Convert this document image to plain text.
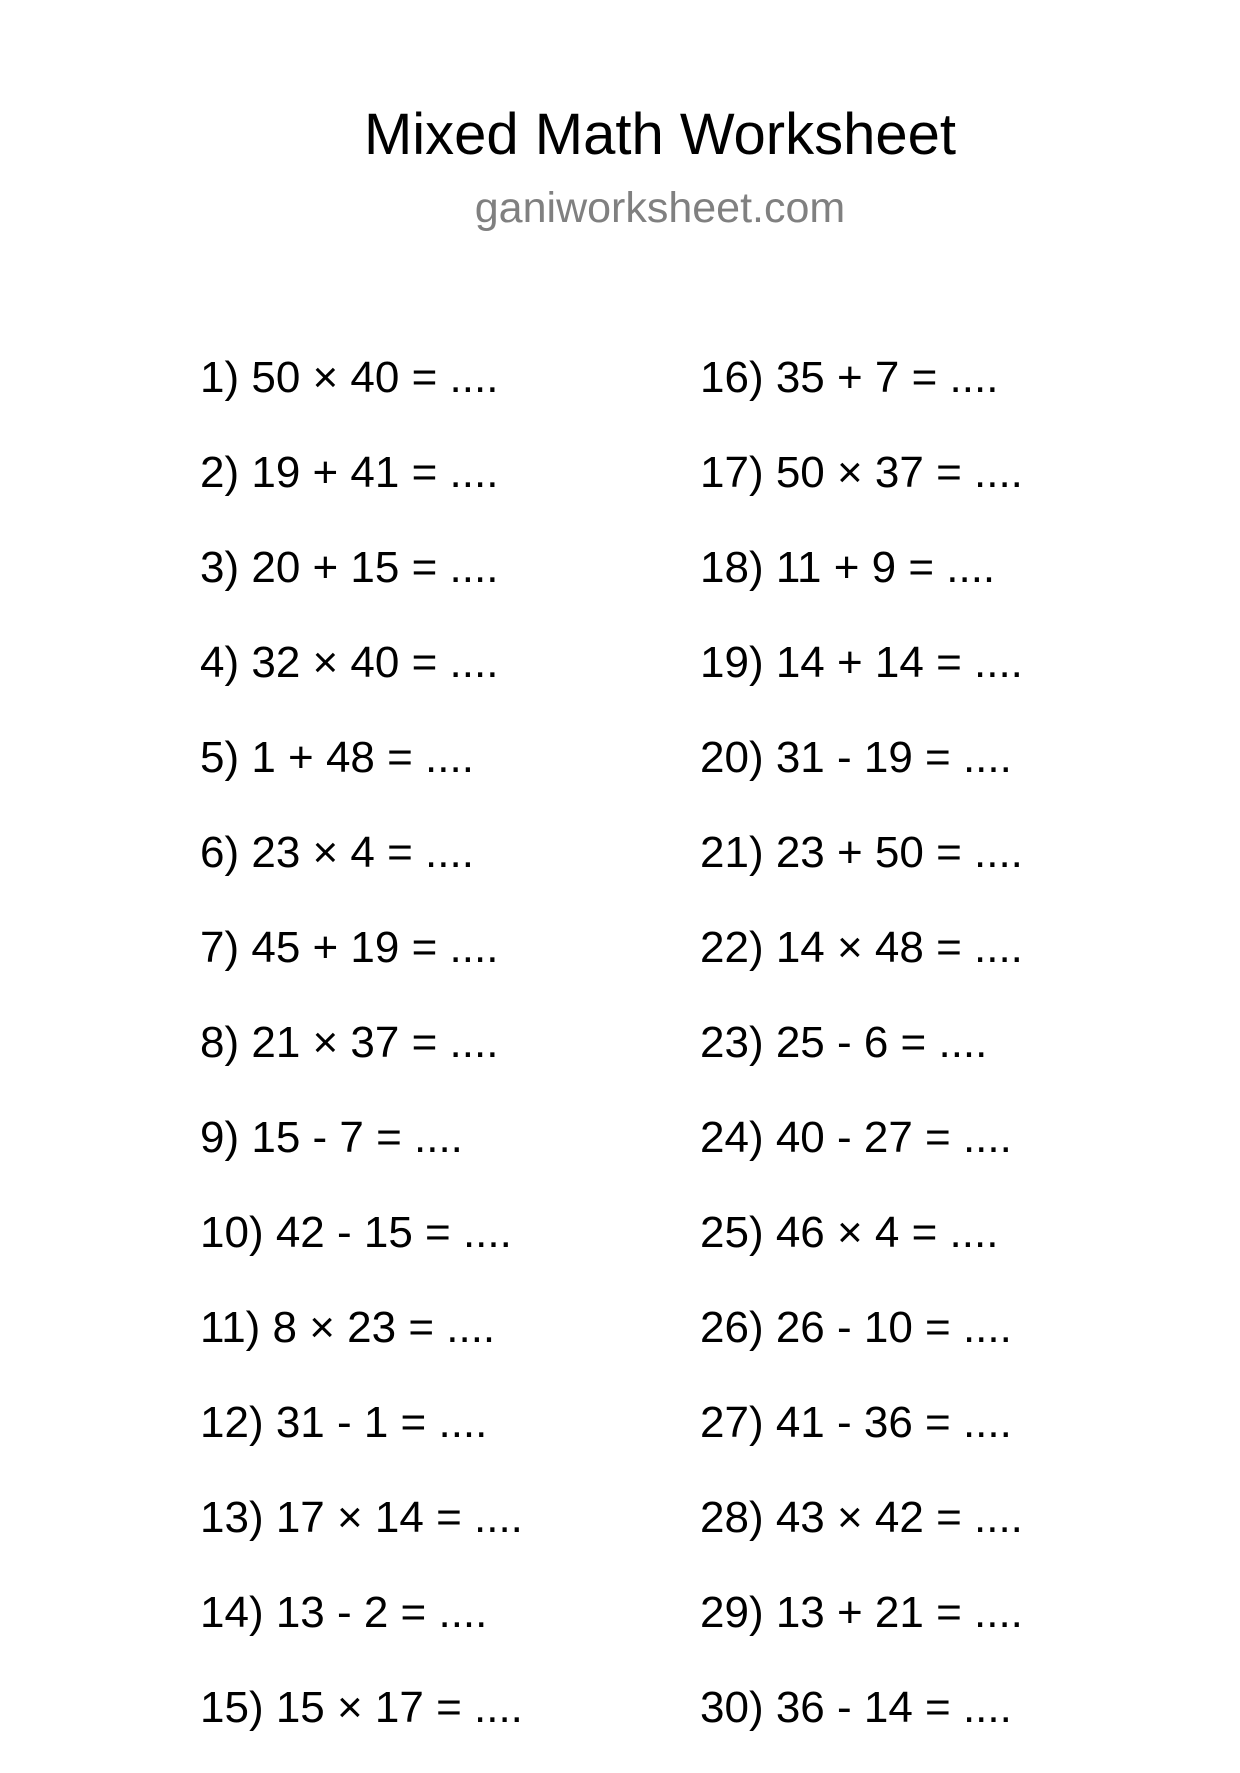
Mixed Math Worksheet
ganiworksheet.com
1) 50 × 40 = ....
2) 19 + 41 = ....
3) 20 + 15 = ....
4) 32 × 40 = ....
5) 1 + 48 = ....
6) 23 × 4 = ....
7) 45 + 19 = ....
8) 21 × 37 = ....
9) 15 - 7 = ....
10) 42 - 15 = ....
11) 8 × 23 = ....
12) 31 - 1 = ....
13) 17 × 14 = ....
14) 13 - 2 = ....
15) 15 × 17 = ....
16) 35 + 7 = ....
17) 50 × 37 = ....
18) 11 + 9 = ....
19) 14 + 14 = ....
20) 31 - 19 = ....
21) 23 + 50 = ....
22) 14 × 48 = ....
23) 25 - 6 = ....
24) 40 - 27 = ....
25) 46 × 4 = ....
26) 26 - 10 = ....
27) 41 - 36 = ....
28) 43 × 42 = ....
29) 13 + 21 = ....
30) 36 - 14 = ....
